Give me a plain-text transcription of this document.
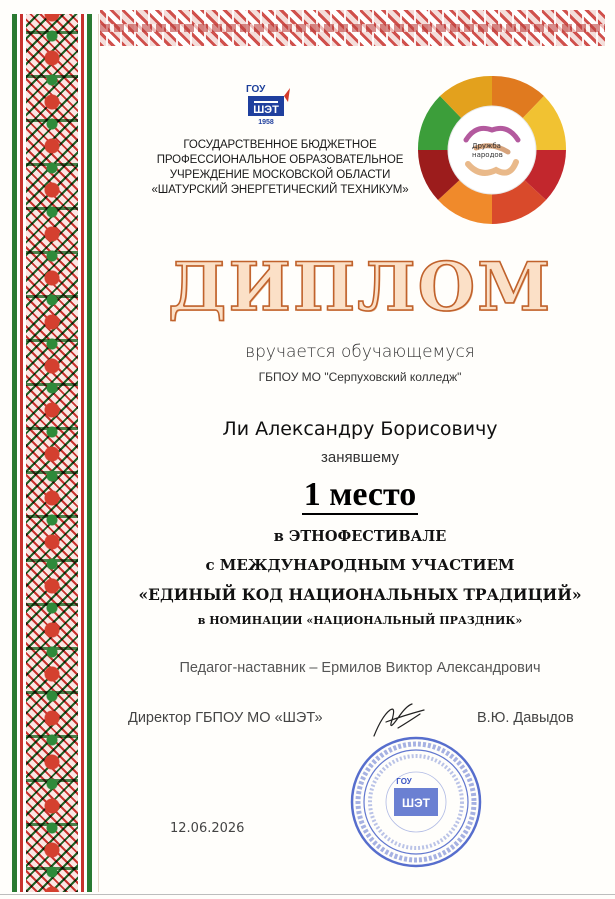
ГОУ
ШЭТ
1958
Дружба
народов
ГОСУДАРСТВЕННОЕ БЮДЖЕТНОЕ
ПРОФЕССИОНАЛЬНОЕ ОБРАЗОВАТЕЛЬНОЕ
УЧРЕЖДЕНИЕ МОСКОВСКОЙ ОБЛАСТИ
«ШАТУРСКИЙ ЭНЕРГЕТИЧЕСКИЙ ТЕХНИКУМ»
ДИПЛОМ
вручается обучающемуся
ГБПОУ МО "Серпуховский колледж"
Ли Александру Борисовичу
занявшему
1 место
в ЭТНОФЕСТИВАЛЕ
с МЕЖДУНАРОДНЫМ УЧАСТИЕМ
«ЕДИНЫЙ КОД НАЦИОНАЛЬНЫХ ТРАДИЦИЙ»
в НОМИНАЦИИ «НАЦИОНАЛЬНЫЙ ПРАЗДНИК»
Педагог-наставник – Ермилов Виктор Александрович
Директор ГБПОУ МО «ШЭТ»	В.Ю. Давыдов
ШЭТ
ГОУ
12.06.2026
